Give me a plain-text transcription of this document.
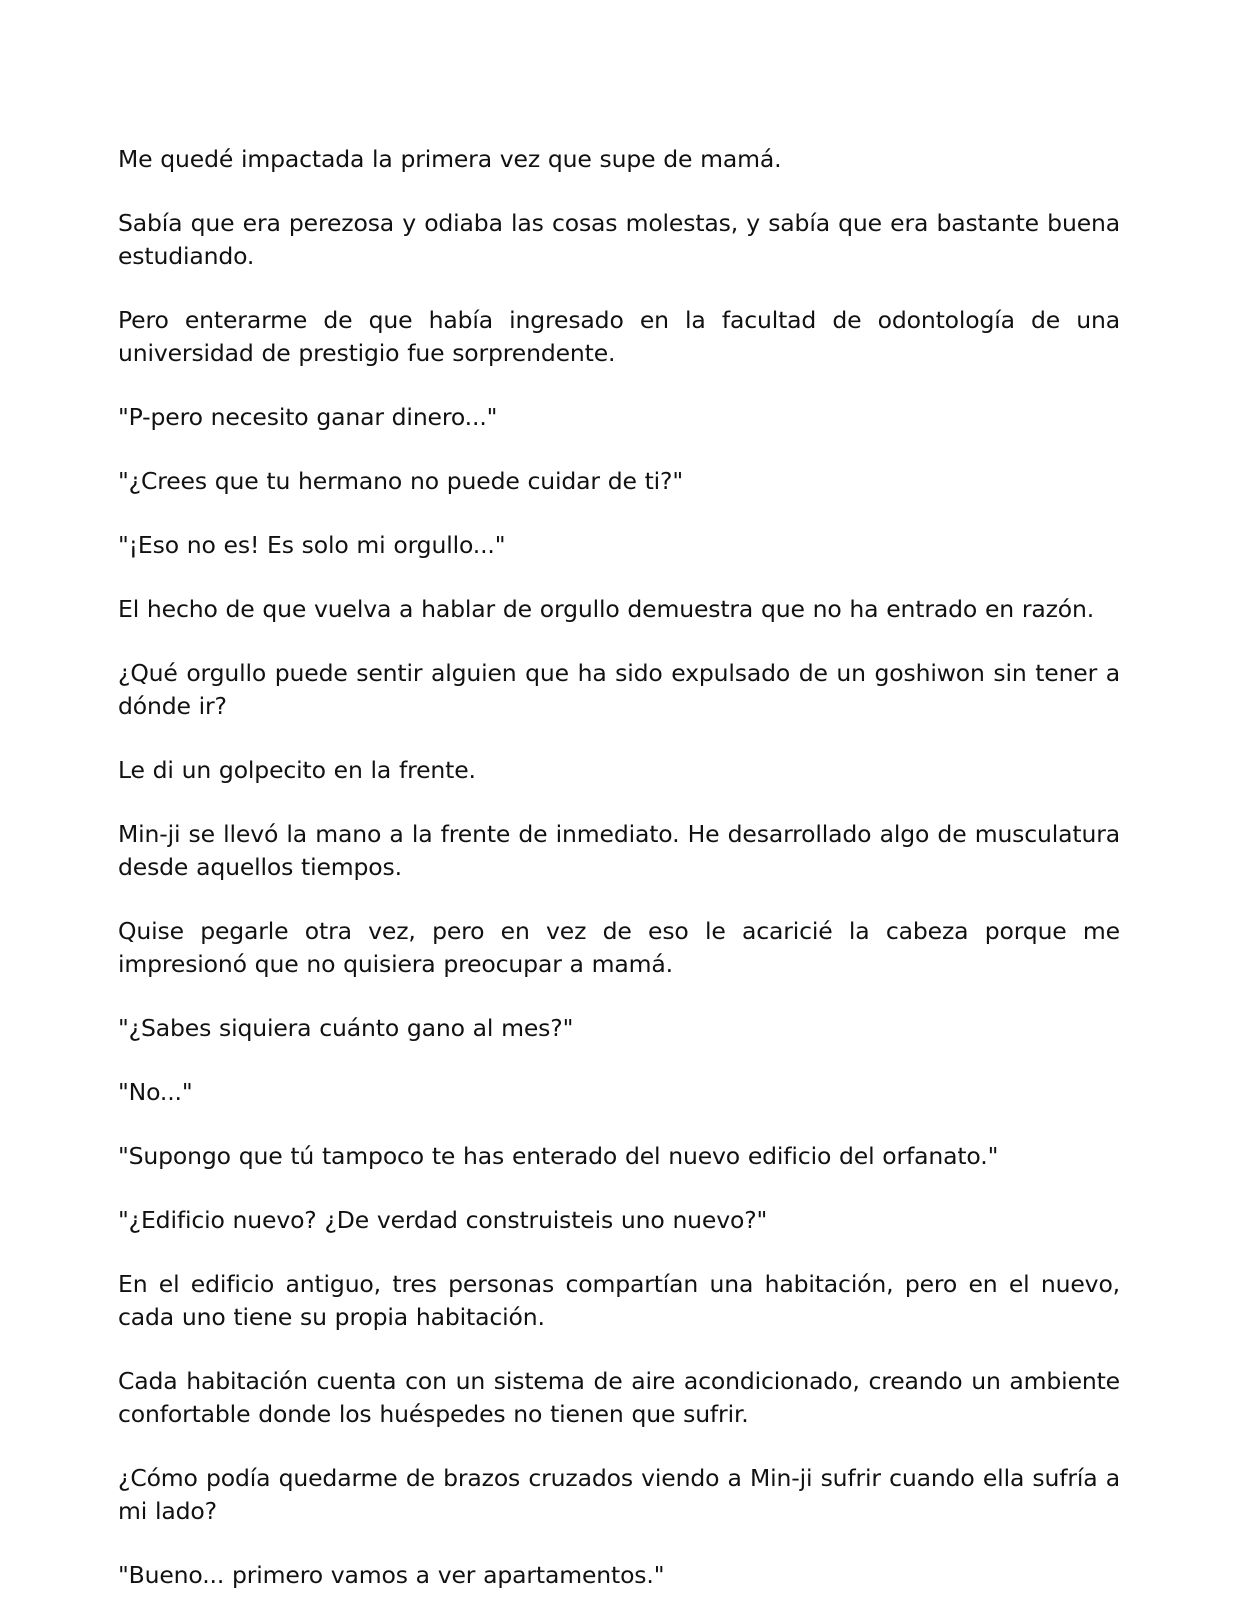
Me quedé impactada la primera vez que supe de mamá.

Sabía que era perezosa y odiaba las cosas molestas, y sabía que era bastante buena estudiando.

Pero enterarme de que había ingresado en la facultad de odontología de una universidad de prestigio fue sorprendente.

"P-pero necesito ganar dinero..."

"¿Crees que tu hermano no puede cuidar de ti?"

"¡Eso no es! Es solo mi orgullo..."

El hecho de que vuelva a hablar de orgullo demuestra que no ha entrado en razón.

¿Qué orgullo puede sentir alguien que ha sido expulsado de un goshiwon sin tener a dónde ir?

Le di un golpecito en la frente.

Min-ji se llevó la mano a la frente de inmediato. He desarrollado algo de musculatura desde aquellos tiempos.

Quise pegarle otra vez, pero en vez de eso le acaricié la cabeza porque me impresionó que no quisiera preocupar a mamá.

"¿Sabes siquiera cuánto gano al mes?"

"No..."

"Supongo que tú tampoco te has enterado del nuevo edificio del orfanato."

"¿Edificio nuevo? ¿De verdad construisteis uno nuevo?"

En el edificio antiguo, tres personas compartían una habitación, pero en el nuevo, cada uno tiene su propia habitación.

Cada habitación cuenta con un sistema de aire acondicionado, creando un ambiente confortable donde los huéspedes no tienen que sufrir.

¿Cómo podía quedarme de brazos cruzados viendo a Min-ji sufrir cuando ella sufría a mi lado?

"Bueno... primero vamos a ver apartamentos."
